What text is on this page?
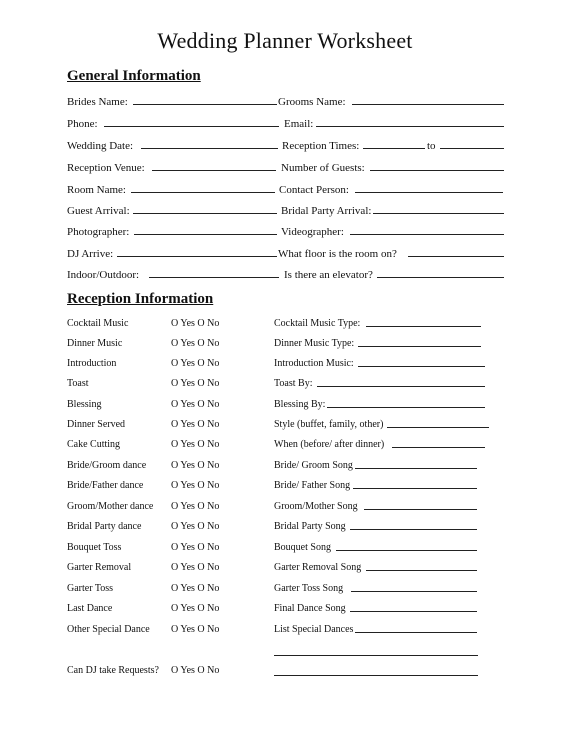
Wedding Planner Worksheet
General Information
Brides Name:	Grooms Name:
Phone:	Email:
Wedding Date:	Reception Times:	to
Reception Venue:	Number of Guests:
Room Name:	Contact Person:
Guest Arrival:	Bridal Party Arrival:
Photographer:	Videographer:
DJ Arrive:	What floor is the room on?
Indoor/Outdoor:	Is there an elevator?
Reception Information
Cocktail Music	O Yes O No	Cocktail Music Type:
Dinner Music	O Yes O No	Dinner Music Type:
Introduction	O Yes O No	Introduction Music:
Toast	O Yes O No	Toast By:
Blessing	O Yes O No	Blessing By:
Dinner Served	O Yes O No	Style (buffet, family, other)
Cake Cutting	O Yes O No	When (before/ after dinner)
Bride/Groom dance O Yes O No	Bride/ Groom Song
Bride/Father dance	O Yes O No	Bride/ Father Song
Groom/Mother dance O Yes O No	Groom/Mother Song
Bridal Party dance	O Yes O No	Bridal Party Song
Bouquet Toss	O Yes O No	Bouquet Song
Garter Removal	O Yes O No	Garter Removal Song
Garter Toss	O Yes O No	Garter Toss Song
Last Dance	O Yes O No	Final Dance Song
Other Special Dance O Yes O No	List Special Dances
Can DJ take Requests? O Yes O No
